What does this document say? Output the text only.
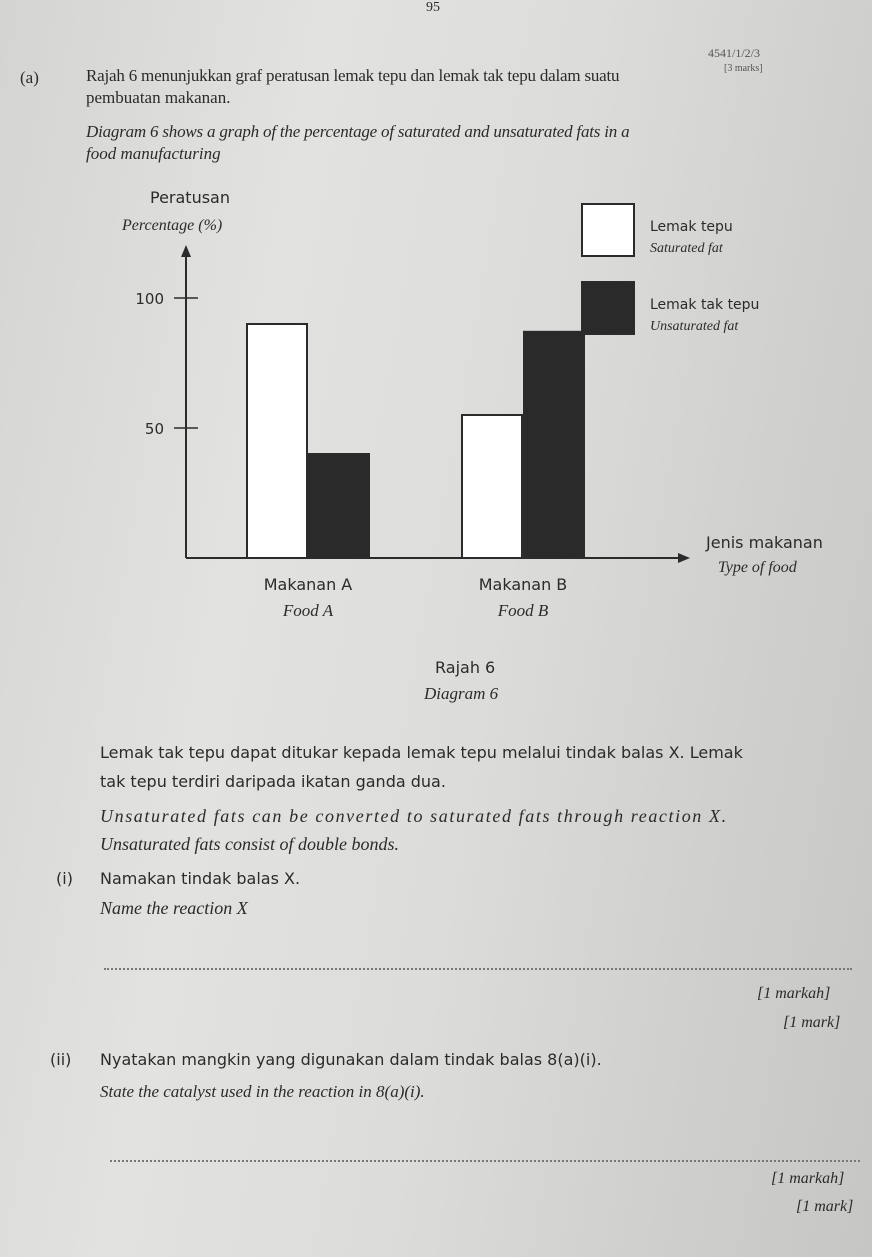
95
4541/1/2/3
[3 marks]
(a)	Rajah 6 menunjukkan graf peratusan lemak tepu dan lemak tak tepu dalam suatu
pembuatan makanan.
Diagram 6 shows a graph of the percentage of saturated and unsaturated fats in a
food manufacturing
50
100
Lemak tepu
Saturated fat
Lemak tak tepu
Unsaturated fat
Peratusan
Percentage (%)
Makanan A
Food A
Makanan B
Food B
Jenis makanan
Type of food
Rajah 6
Diagram 6
Lemak tak tepu dapat ditukar kepada lemak tepu melalui tindak balas X. Lemak
tak tepu terdiri daripada ikatan ganda dua.
Unsaturated fats can be converted to saturated fats through reaction X.
Unsaturated fats consist of double bonds.
(i) Namakan tindak balas X.
Name the reaction X
[1 markah]
[1 mark]
(ii) Nyatakan mangkin yang digunakan dalam tindak balas 8(a)(i).
State the catalyst used in the reaction in 8(a)(i).
[1 markah]
[1 mark]
